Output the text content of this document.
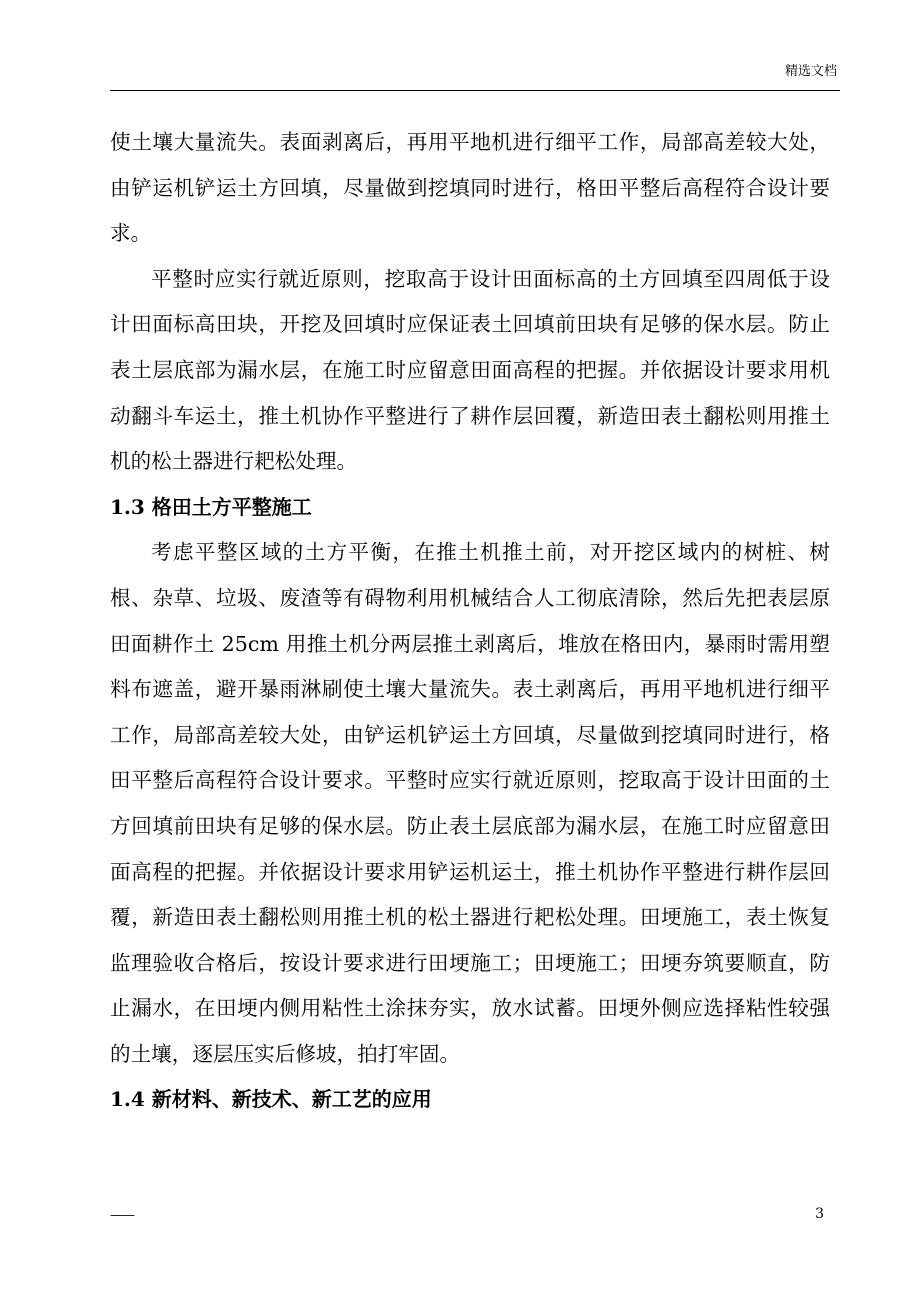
精选文档

使土壤大量流失。表面剥离后，再用平地机进行细平工作，局部高差较大处，由铲运机铲运土方回填，尽量做到挖填同时进行，格田平整后高程符合设计要求。

平整时应实行就近原则，挖取高于设计田面标高的土方回填至四周低于设计田面标高田块，开挖及回填时应保证表土回填前田块有足够的保水层。防止表土层底部为漏水层，在施工时应留意田面高程的把握。并依据设计要求用机动翻斗车运土，推土机协作平整进行了耕作层回覆，新造田表土翻松则用推土机的松土器进行耙松处理。

1.3 格田土方平整施工

考虑平整区域的土方平衡，在推土机推土前，对开挖区域内的树桩、树根、杂草、垃圾、废渣等有碍物利用机械结合人工彻底清除，然后先把表层原田面耕作土 25cm 用推土机分两层推土剥离后，堆放在格田内，暴雨时需用塑料布遮盖，避开暴雨淋刷使土壤大量流失。表土剥离后，再用平地机进行细平工作，局部高差较大处，由铲运机铲运土方回填，尽量做到挖填同时进行，格田平整后高程符合设计要求。平整时应实行就近原则，挖取高于设计田面的土方回填前田块有足够的保水层。防止表土层底部为漏水层，在施工时应留意田面高程的把握。并依据设计要求用铲运机运土，推土机协作平整进行耕作层回覆，新造田表土翻松则用推土机的松土器进行耙松处理。田埂施工，表土恢复监理验收合格后，按设计要求进行田埂施工；田埂施工；田埂夯筑要顺直，防止漏水，在田埂内侧用粘性土涂抹夯实，放水试蓄。田埂外侧应选择粘性较强的土壤，逐层压实后修坡，拍打牢固。

1.4 新材料、新技术、新工艺的应用
——	3
